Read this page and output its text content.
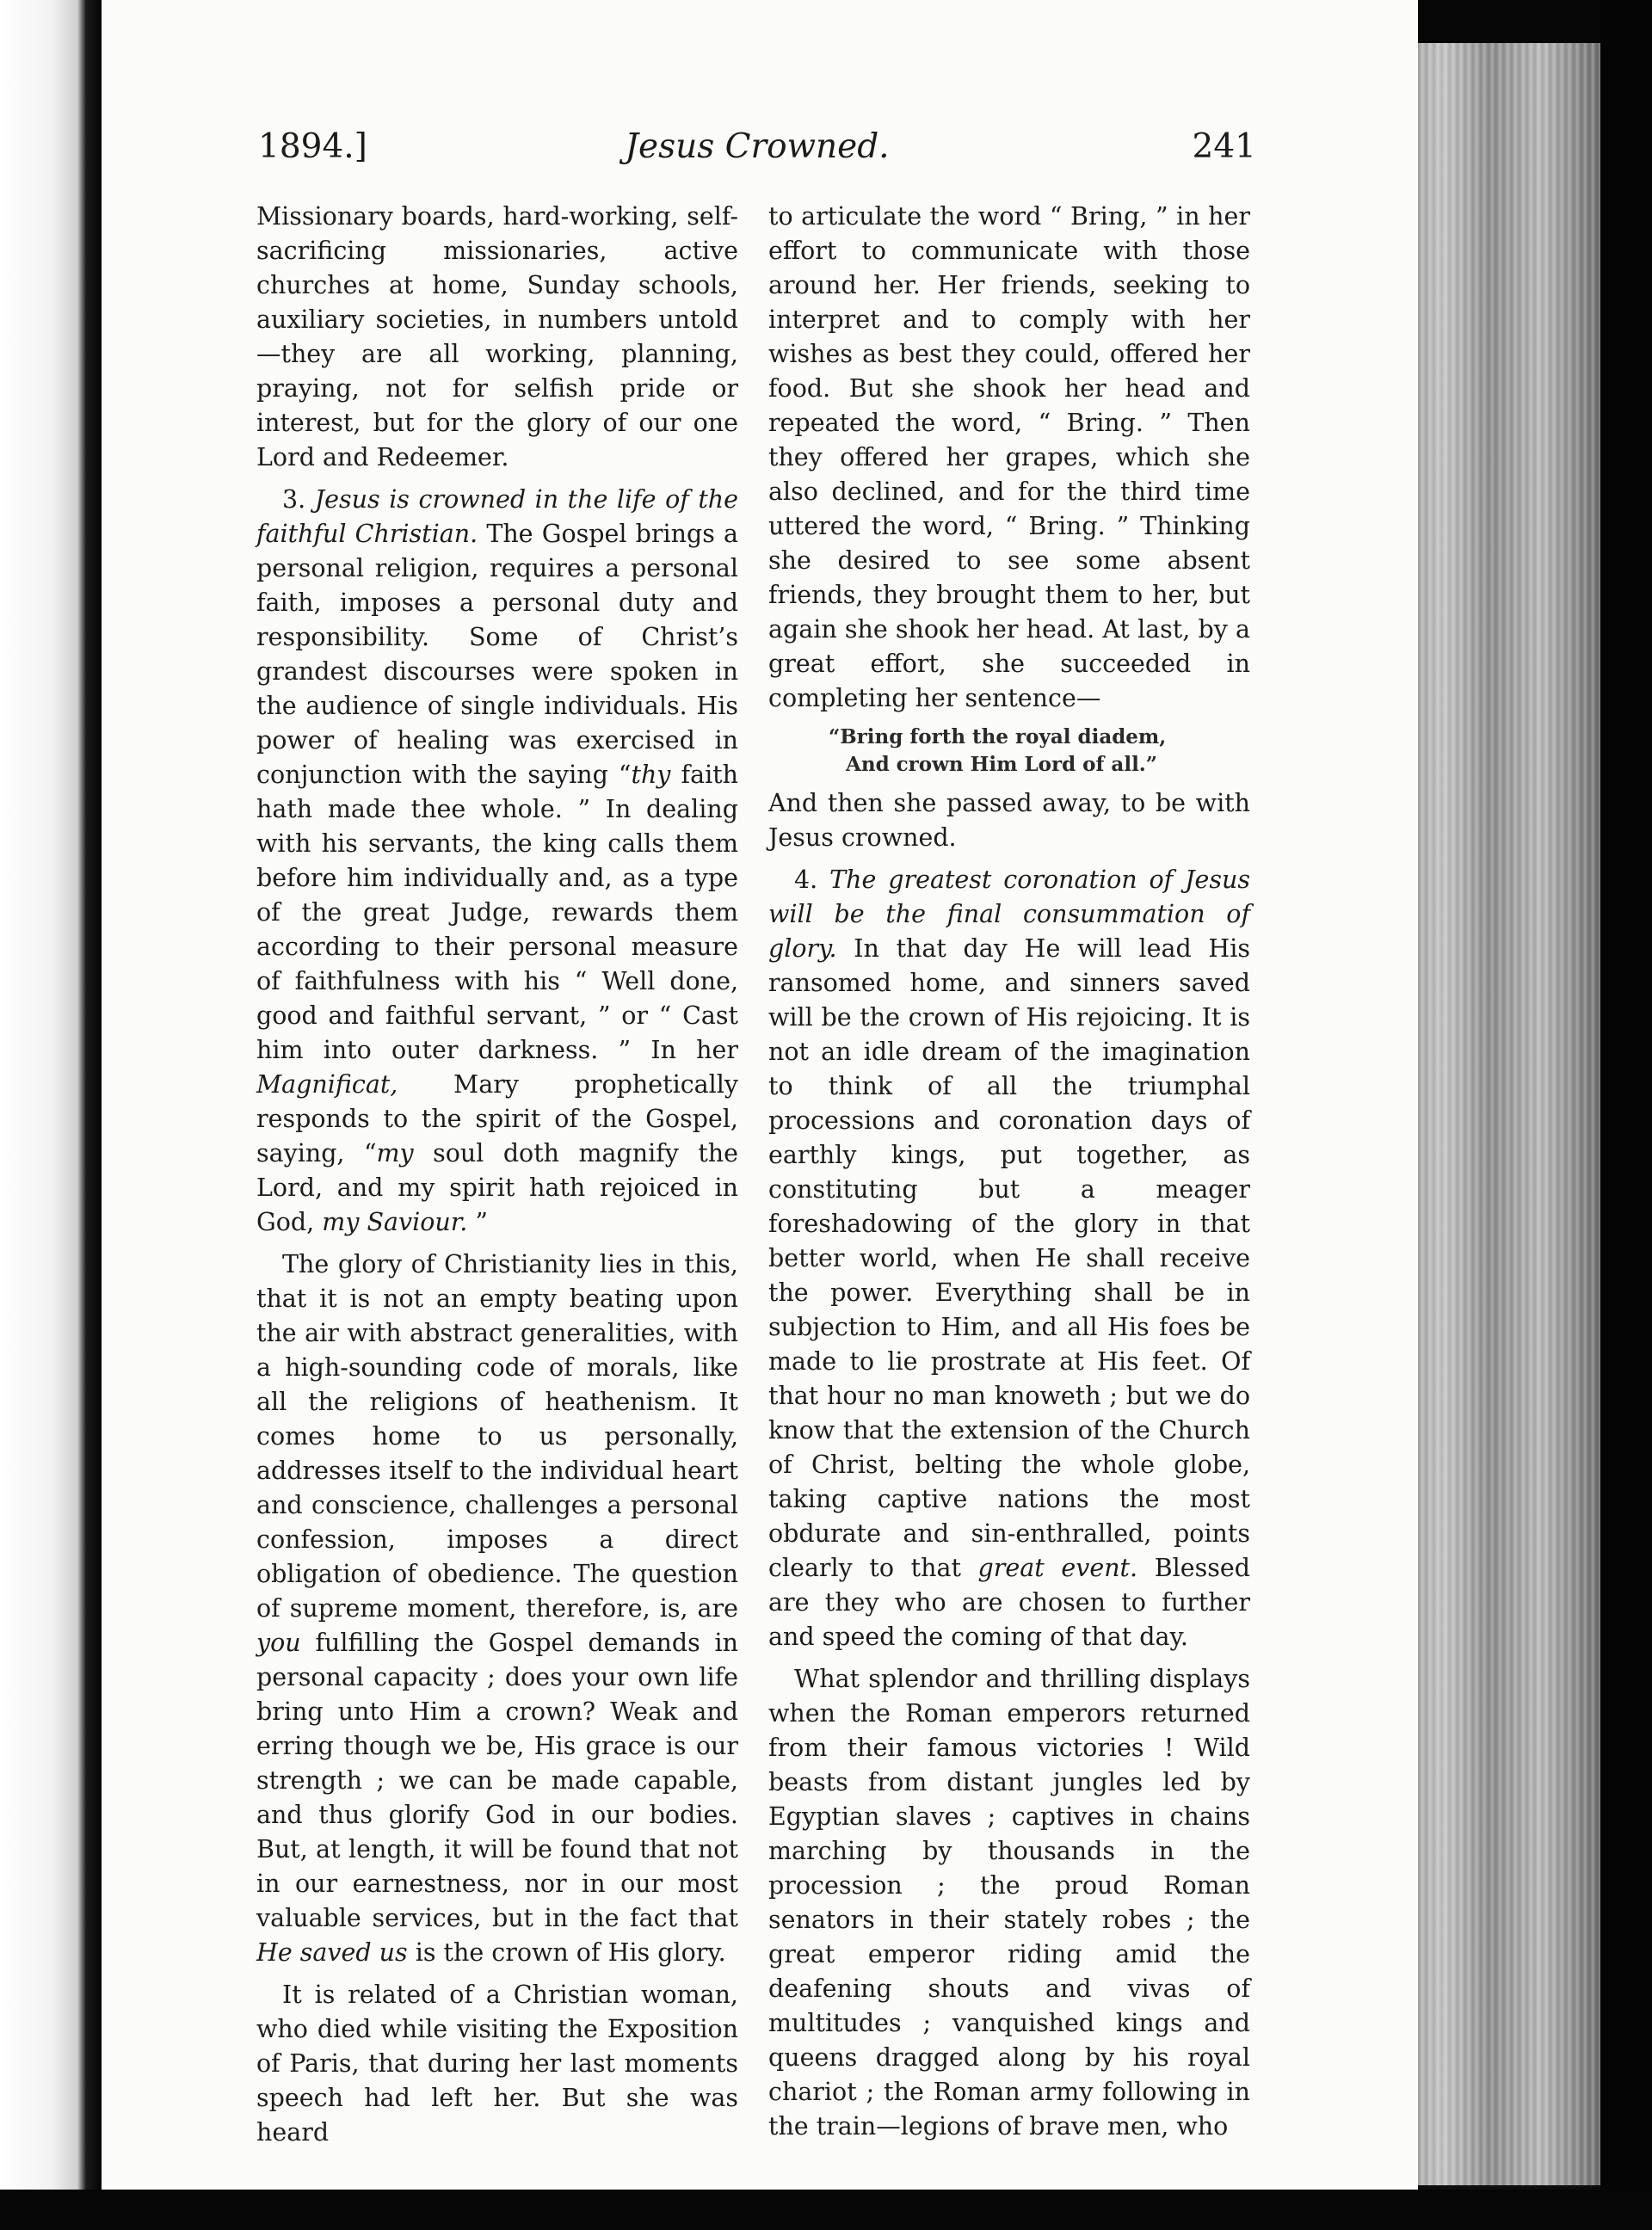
1894.]	Jesus Crowned.	241

Missionary boards, hard-working, self-sacrificing missionaries, active churches at home, Sunday schools, auxiliary societies, in numbers untold—they are all working, planning, praying, not for selfish pride or interest, but for the glory of our one Lord and Redeemer.

3. Jesus is crowned in the life of the faithful Christian. The Gospel brings a personal religion, requires a personal faith, imposes a personal duty and responsibility. Some of Christ’s grandest discourses were spoken in the audience of single individuals. His power of healing was exercised in conjunction with the saying “thy faith hath made thee whole. ” In dealing with his servants, the king calls them before him individually and, as a type of the great Judge, rewards them according to their personal measure of faithfulness with his “ Well done, good and faithful servant, ” or “ Cast him into outer darkness. ” In her Magnificat, Mary prophetically responds to the spirit of the Gospel, saying, “my soul doth magnify the Lord, and my spirit hath rejoiced in God, my Saviour. ”

The glory of Christianity lies in this, that it is not an empty beating upon the air with abstract generalities, with a high-sounding code of morals, like all the religions of heathenism. It comes home to us personally, addresses itself to the individual heart and conscience, challenges a personal confession, imposes a direct obligation of obedience. The question of supreme moment, therefore, is, are you fulfilling the Gospel demands in personal capacity ; does your own life bring unto Him a crown? Weak and erring though we be, His grace is our strength ; we can be made capable, and thus glorify God in our bodies. But, at length, it will be found that not in our earnestness, nor in our most valuable services, but in the fact that He saved us is the crown of His glory.

It is related of a Christian woman, who died while visiting the Exposition of Paris, that during her last moments speech had left her. But she was heard

to articulate the word “ Bring, ” in her effort to communicate with those around her. Her friends, seeking to interpret and to comply with her wishes as best they could, offered her food. But she shook her head and repeated the word, “ Bring. ” Then they offered her grapes, which she also declined, and for the third time uttered the word, “ Bring. ” Thinking she desired to see some absent friends, they brought them to her, but again she shook her head. At last, by a great effort, she succeeded in completing her sentence—

“Bring forth the royal diadem,
And crown Him Lord of all.”

And then she passed away, to be with Jesus crowned.

4. The greatest coronation of Jesus will be the final consummation of glory. In that day He will lead His ransomed home, and sinners saved will be the crown of His rejoicing. It is not an idle dream of the imagination to think of all the triumphal processions and coronation days of earthly kings, put together, as constituting but a meager foreshadowing of the glory in that better world, when He shall receive the power. Everything shall be in subjection to Him, and all His foes be made to lie prostrate at His feet. Of that hour no man knoweth ; but we do know that the extension of the Church of Christ, belting the whole globe, taking captive nations the most obdurate and sin-enthralled, points clearly to that great event. Blessed are they who are chosen to further and speed the coming of that day.

What splendor and thrilling displays when the Roman emperors returned from their famous victories ! Wild beasts from distant jungles led by Egyptian slaves ; captives in chains marching by thousands in the procession ; the proud Roman senators in their stately robes ; the great emperor riding amid the deafening shouts and vivas of multitudes ; vanquished kings and queens dragged along by his royal chariot ; the Roman army following in the train—legions of brave men, who
